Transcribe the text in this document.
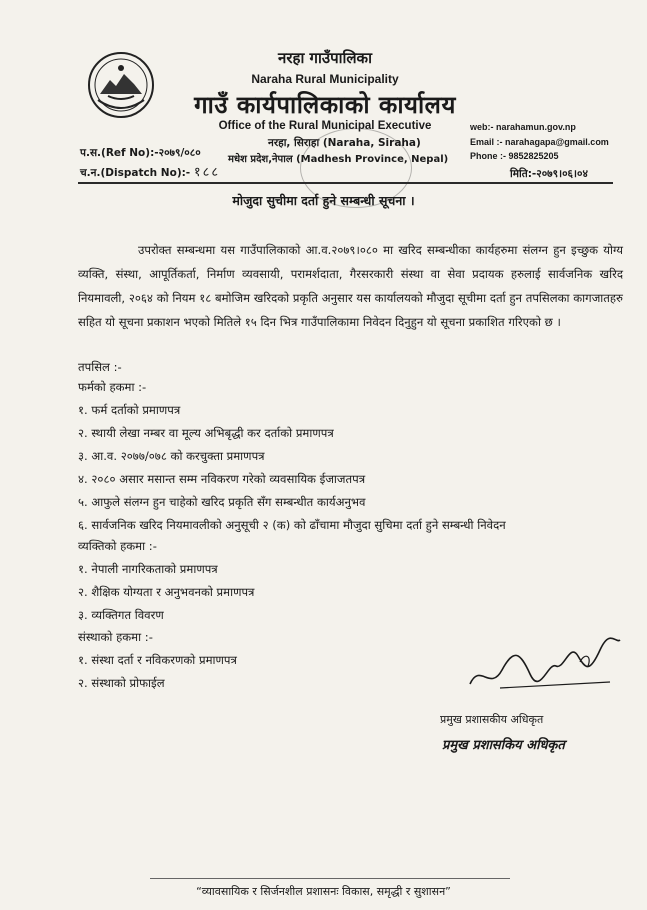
नरहा गाउँपालिका
Naraha Rural Municipality
गाउँ कार्यपालिकाको कार्यालय
Office of the Rural Municipal Executive
नरहा, सिराहा (Naraha, Siraha)
मधेश प्रदेश,नेपाल (Madhesh Province, Nepal)
web:- narahamun.gov.np
Email :- narahagapa@gmail.com
Phone :- 9852825205
प.स.(Ref No):-२०७९/०८०
च.न.(Dispatch No):- १८८	मिति:-२०७९।०६।०४
मोजुदा सुचीमा दर्ता हुने सम्बन्धी सूचना ।
उपरोक्त सम्बन्धमा यस गाउँपालिकाको आ.व.२०७९।०८० मा खरिद सम्बन्धीका कार्यहरुमा संलग्न हुन इच्छुक योग्य व्यक्ति, संस्था, आपूर्तिकर्ता, निर्माण व्यवसायी, परामर्शदाता, गैरसरकारी संस्था वा सेवा प्रदायक हरुलाई सार्वजनिक खरिद नियमावली, २०६४ को नियम १८ बमोजिम खरिदको प्रकृति अनुसार यस कार्यालयको मौजुदा सूचीमा दर्ता हुन तपसिलका कागजातहरु सहित यो सूचना प्रकाशन भएको मितिले १५ दिन भित्र गाउँपालिकामा निवेदन दिनुहुन यो सूचना प्रकाशित गरिएको छ ।
तपसिल :-
फर्मको हकमा :-
१. फर्म दर्ताको प्रमाणपत्र
२. स्थायी लेखा नम्बर वा मूल्य अभिबृद्धी कर दर्ताको प्रमाणपत्र
३. आ.व. २०७७/०७८ को करचुक्ता प्रमाणपत्र
४. २०८० असार मसान्त सम्म नविकरण गरेको व्यवसायिक ईजाजतपत्र
५. आफुले संलग्न हुन चाहेको खरिद प्रकृति सँग सम्बन्धीत कार्यअनुभव
६. सार्वजनिक खरिद नियमावलीको अनुसूची २ (क) को ढाँचामा मौजुदा सुचिमा दर्ता हुने सम्बन्धी निवेदन
व्यक्तिको हकमा :-
१. नेपाली नागरिकताको प्रमाणपत्र
२. शैक्षिक योग्यता र अनुभवनको प्रमाणपत्र
३. व्यक्तिगत विवरण
संस्थाको हकमा :-
१. संस्था दर्ता र नविकरणको प्रमाणपत्र
२. संस्थाको प्रोफाईल
प्रमुख प्रशासकीय अधिकृत
प्रमुख प्रशासकिय अधिकृत
“व्यावसायिक र सिर्जनशील प्रशासनः विकास, समृद्धी र सुशासन”
